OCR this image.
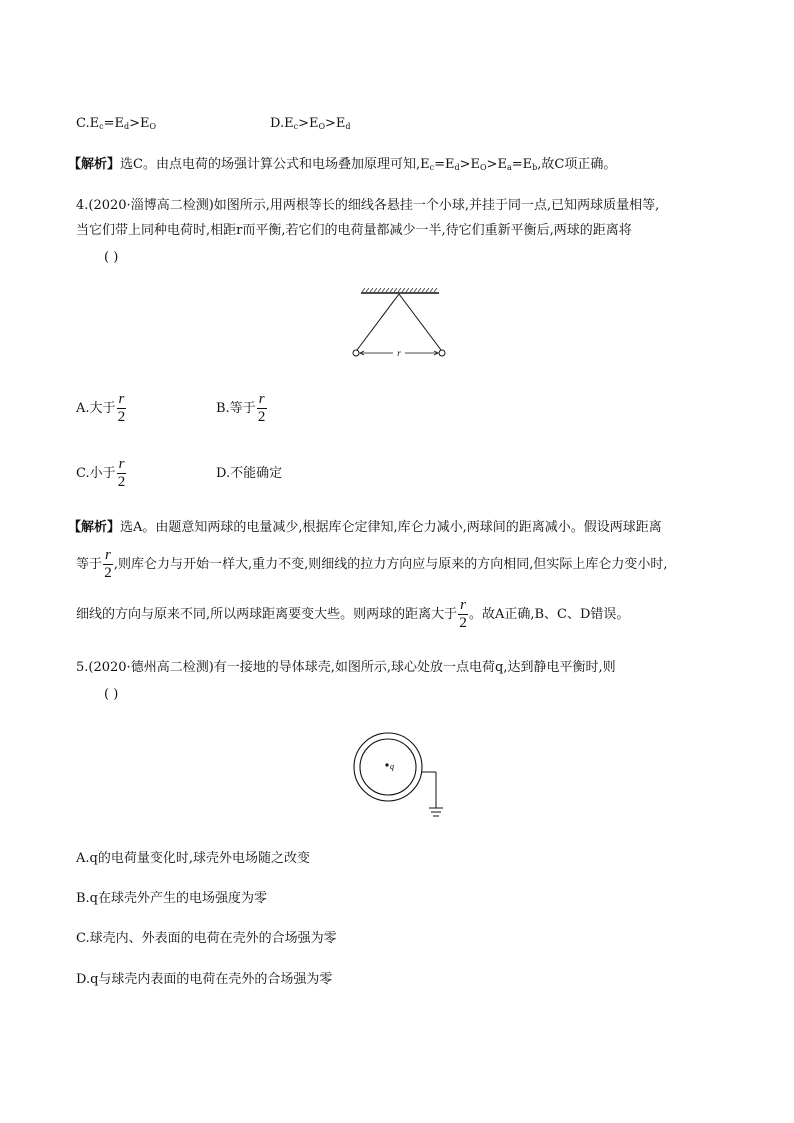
$C.E_c=E_d>E_O$	$D.E_c>E_O>E_d$
【解析】选C。由点电荷的场强计算公式和电场叠加原理可知$,E_c=E_d>E_O>E_a=E_b$,故C项正确。
4.(2020·淄博高二检测)如图所示,用两根等长的细线各悬挂一个小球,并挂于同一点,已知两球质量相等,
当它们带上同种电荷时,相距r而平衡,若它们的电荷量都减少一半,待它们重新平衡后,两球的距离将
( )
r
A.大于 $\frac{r}{2}$	B.等于 $\frac{r}{2}$
C.小于 $\frac{r}{2}$	D.不能确定
【解析】选A。由题意知两球的电量减少,根据库仑定律知,库仑力减小,两球间的距离减小。假设两球距离
等于 $\frac{r}{2}$ ,则库仑力与开始一样大,重力不变,则细线的拉力方向应与原来的方向相同,但实际上库仑力变小时,
细线的方向与原来不同,所以两球距离要变大些。则两球的距离大于 $\frac{r}{2}$ 。故A正确,B、C、D错误。
5.(2020·德州高二检测)有一接地的导体球壳,如图所示,球心处放一点电荷q,达到静电平衡时,则
( )
q
A.q的电荷量变化时,球壳外电场随之改变
B.q在球壳外产生的电场强度为零
C.球壳内、外表面的电荷在壳外的合场强为零
D.q与球壳内表面的电荷在壳外的合场强为零
